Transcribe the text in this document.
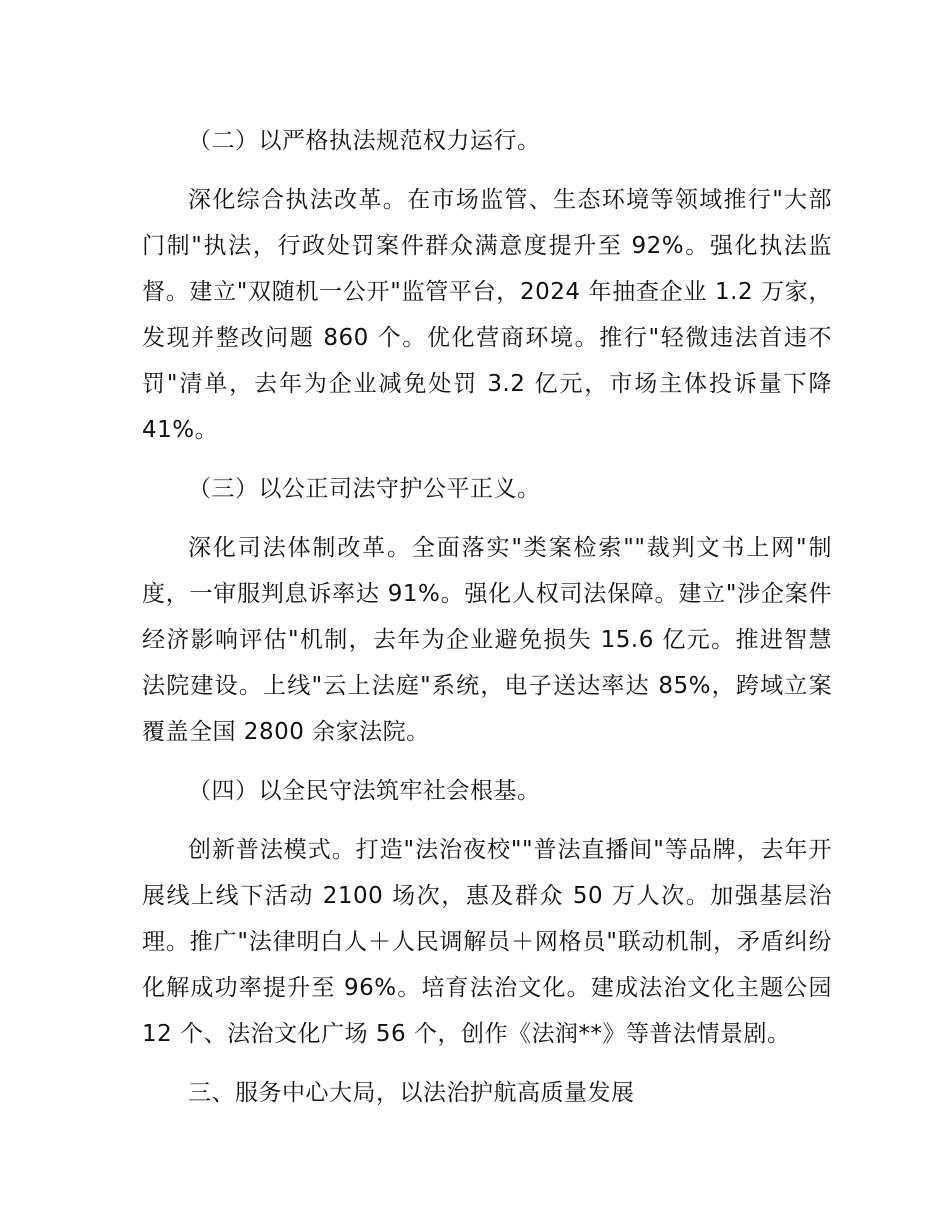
（二）以严格执法规范权力运行。

深化综合执法改革。在市场监管、生态环境等领域推行"大部门制"执法，行政处罚案件群众满意度提升至 92%。强化执法监督。建立"双随机一公开"监管平台，2024 年抽查企业 1.2 万家，发现并整改问题 860 个。优化营商环境。推行"轻微违法首违不罚"清单，去年为企业减免处罚 3.2 亿元，市场主体投诉量下降 41%。

（三）以公正司法守护公平正义。

深化司法体制改革。全面落实"类案检索""裁判文书上网"制度，一审服判息诉率达 91%。强化人权司法保障。建立"涉企案件经济影响评估"机制，去年为企业避免损失 15.6 亿元。推进智慧法院建设。上线"云上法庭"系统，电子送达率达 85%，跨域立案覆盖全国 2800 余家法院。

（四）以全民守法筑牢社会根基。

创新普法模式。打造"法治夜校""普法直播间"等品牌，去年开展线上线下活动 2100 场次，惠及群众 50 万人次。加强基层治理。推广"法律明白人＋人民调解员＋网格员"联动机制，矛盾纠纷化解成功率提升至 96%。培育法治文化。建成法治文化主题公园 12 个、法治文化广场 56 个，创作《法润**》等普法情景剧。

三、服务中心大局，以法治护航高质量发展
